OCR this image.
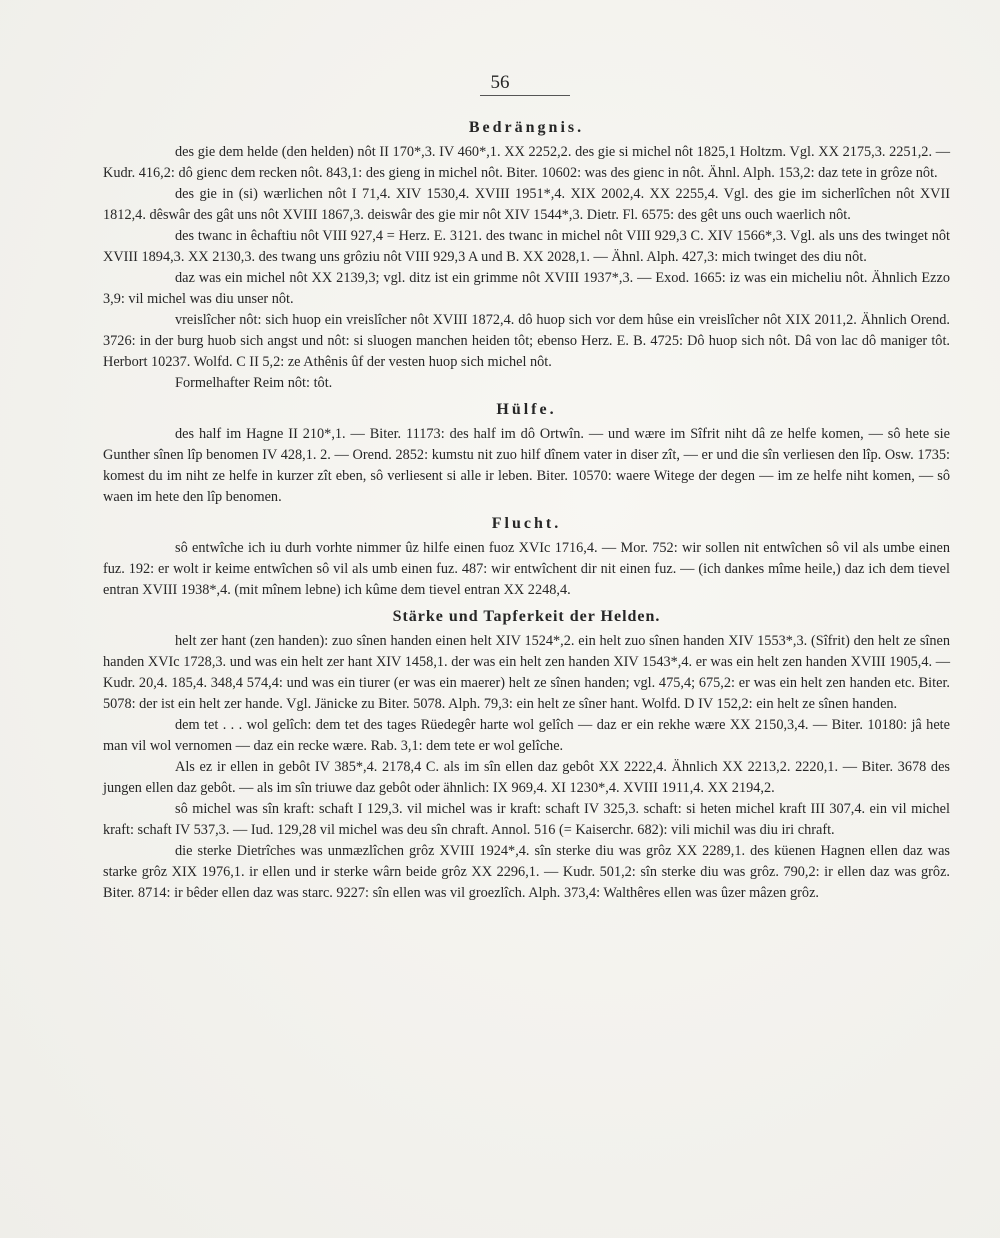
56

Bedrängnis.

des gie dem helde (den helden) nôt II 170*,3. IV 460*,1. XX 2252,2. des gie si michel nôt 1825,1 Holtzm. Vgl. XX 2175,3. 2251,2. — Kudr. 416,2: dô gienc dem recken nôt. 843,1: des gieng in michel nôt. Biter. 10602: was des gienc in nôt. Ähnl. Alph. 153,2: daz tete in grôze nôt.

des gie in (si) wærlichen nôt I 71,4. XIV 1530,4. XVIII 1951*,4. XIX 2002,4. XX 2255,4. Vgl. des gie im sicherlîchen nôt XVII 1812,4. dêswâr des gât uns nôt XVIII 1867,3. deiswâr des gie mir nôt XIV 1544*,3. Dietr. Fl. 6575: des gêt uns ouch waerlich nôt.

des twanc in êchaftiu nôt VIII 927,4 = Herz. E. 3121. des twanc in michel nôt VIII 929,3 C. XIV 1566*,3. Vgl. als uns des twinget nôt XVIII 1894,3. XX 2130,3. des twang uns grôziu nôt VIII 929,3 A und B. XX 2028,1. — Ähnl. Alph. 427,3: mich twinget des diu nôt.

daz was ein michel nôt XX 2139,3; vgl. ditz ist ein grimme nôt XVIII 1937*,3. — Exod. 1665: iz was ein micheliu nôt. Ähnlich Ezzo 3,9: vil michel was diu unser nôt.

vreislîcher nôt: sich huop ein vreislîcher nôt XVIII 1872,4. dô huop sich vor dem hûse ein vreislîcher nôt XIX 2011,2. Ähnlich Orend. 3726: in der burg huob sich angst und nôt: si sluogen manchen heiden tôt; ebenso Herz. E. B. 4725: Dô huop sich nôt. Dâ von lac dô maniger tôt. Herbort 10237. Wolfd. C II 5,2: ze Athênis ûf der vesten huop sich michel nôt.

Formelhafter Reim nôt: tôt.

Hülfe.

des half im Hagne II 210*,1. — Biter. 11173: des half im dô Ortwîn. — und wære im Sîfrit niht dâ ze helfe komen, — sô hete sie Gunther sînen lîp benomen IV 428,1. 2. — Orend. 2852: kumstu nit zuo hilf dînem vater in diser zît, — er und die sîn verliesen den lîp. Osw. 1735: komest du im niht ze helfe in kurzer zît eben, sô verliesent si alle ir leben. Biter. 10570: waere Witege der degen — im ze helfe niht komen, — sô waen im hete den lîp benomen.

Flucht.

sô entwîche ich iu durh vorhte nimmer ûz hilfe einen fuoz XVIc 1716,4. — Mor. 752: wir sollen nit entwîchen sô vil als umbe einen fuz. 192: er wolt ir keime entwîchen sô vil als umb einen fuz. 487: wir entwîchent dir nit einen fuz. — (ich dankes mîme heile,) daz ich dem tievel entran XVIII 1938*,4. (mit mînem lebne) ich kûme dem tievel entran XX 2248,4.

Stärke und Tapferkeit der Helden.

helt zer hant (zen handen): zuo sînen handen einen helt XIV 1524*,2. ein helt zuo sînen handen XIV 1553*,3. (Sîfrit) den helt ze sînen handen XVIc 1728,3. und was ein helt zer hant XIV 1458,1. der was ein helt zen handen XIV 1543*,4. er was ein helt zen handen XVIII 1905,4. — Kudr. 20,4. 185,4. 348,4 574,4: und was ein tiurer (er was ein maerer) helt ze sînen handen; vgl. 475,4; 675,2: er was ein helt zen handen etc. Biter. 5078: der ist ein helt zer hande. Vgl. Jänicke zu Biter. 5078. Alph. 79,3: ein helt ze sîner hant. Wolfd. D IV 152,2: ein helt ze sînen handen.

dem tet . . . wol gelîch: dem tet des tages Rüedegêr harte wol gelîch — daz er ein rekhe wære XX 2150,3,4. — Biter. 10180: jâ hete man vil wol vernomen — daz ein recke wære. Rab. 3,1: dem tete er wol gelîche.

Als ez ir ellen in gebôt IV 385*,4. 2178,4 C. als im sîn ellen daz gebôt XX 2222,4. Ähnlich XX 2213,2. 2220,1. — Biter. 3678 des jungen ellen daz gebôt. — als im sîn triuwe daz gebôt oder ähnlich: IX 969,4. XI 1230*,4. XVIII 1911,4. XX 2194,2.

sô michel was sîn kraft: schaft I 129,3. vil michel was ir kraft: schaft IV 325,3. schaft: si heten michel kraft III 307,4. ein vil michel kraft: schaft IV 537,3. — Iud. 129,28 vil michel was deu sîn chraft. Annol. 516 (= Kaiserchr. 682): vili michil was diu iri chraft.

die sterke Dietrîches was unmæzlîchen grôz XVIII 1924*,4. sîn sterke diu was grôz XX 2289,1. des küenen Hagnen ellen daz was starke grôz XIX 1976,1. ir ellen und ir sterke wârn beide grôz XX 2296,1. — Kudr. 501,2: sîn sterke diu was grôz. 790,2: ir ellen daz was grôz. Biter. 8714: ir bêder ellen daz was starc. 9227: sîn ellen was vil groezlîch. Alph. 373,4: Walthêres ellen was ûzer mâzen grôz.
